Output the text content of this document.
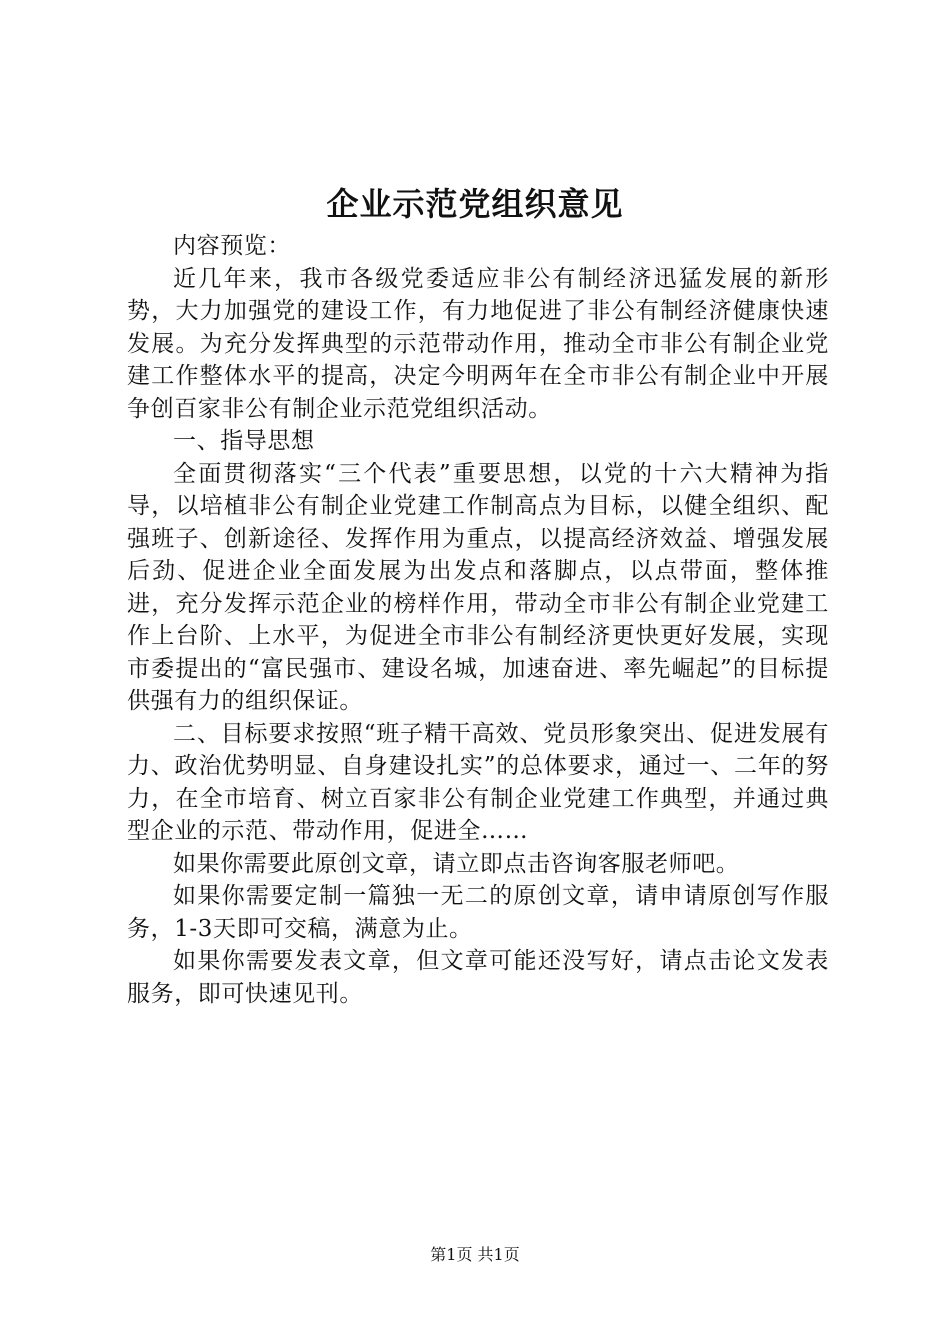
企业示范党组织意见

内容预览：

近几年来，我市各级党委适应非公有制经济迅猛发展的新形势，大力加强党的建设工作，有力地促进了非公有制经济健康快速发展。为充分发挥典型的示范带动作用，推动全市非公有制企业党建工作整体水平的提高，决定今明两年在全市非公有制企业中开展争创百家非公有制企业示范党组织活动。

一、指导思想

全面贯彻落实“三个代表”重要思想，以党的十六大精神为指导，以培植非公有制企业党建工作制高点为目标，以健全组织、配强班子、创新途径、发挥作用为重点，以提高经济效益、增强发展后劲、促进企业全面发展为出发点和落脚点，以点带面，整体推进，充分发挥示范企业的榜样作用，带动全市非公有制企业党建工作上台阶、上水平，为促进全市非公有制经济更快更好发展，实现市委提出的“富民强市、建设名城，加速奋进、率先崛起”的目标提供强有力的组织保证。

二、目标要求按照“班子精干高效、党员形象突出、促进发展有力、政治优势明显、自身建设扎实”的总体要求，通过一、二年的努力，在全市培育、树立百家非公有制企业党建工作典型，并通过典型企业的示范、带动作用，促进全……

如果你需要此原创文章，请立即点击咨询客服老师吧。

如果你需要定制一篇独一无二的原创文章，请申请原创写作服务，1-3天即可交稿，满意为止。

如果你需要发表文章，但文章可能还没写好，请点击论文发表服务，即可快速见刊。

第1页 共1页
